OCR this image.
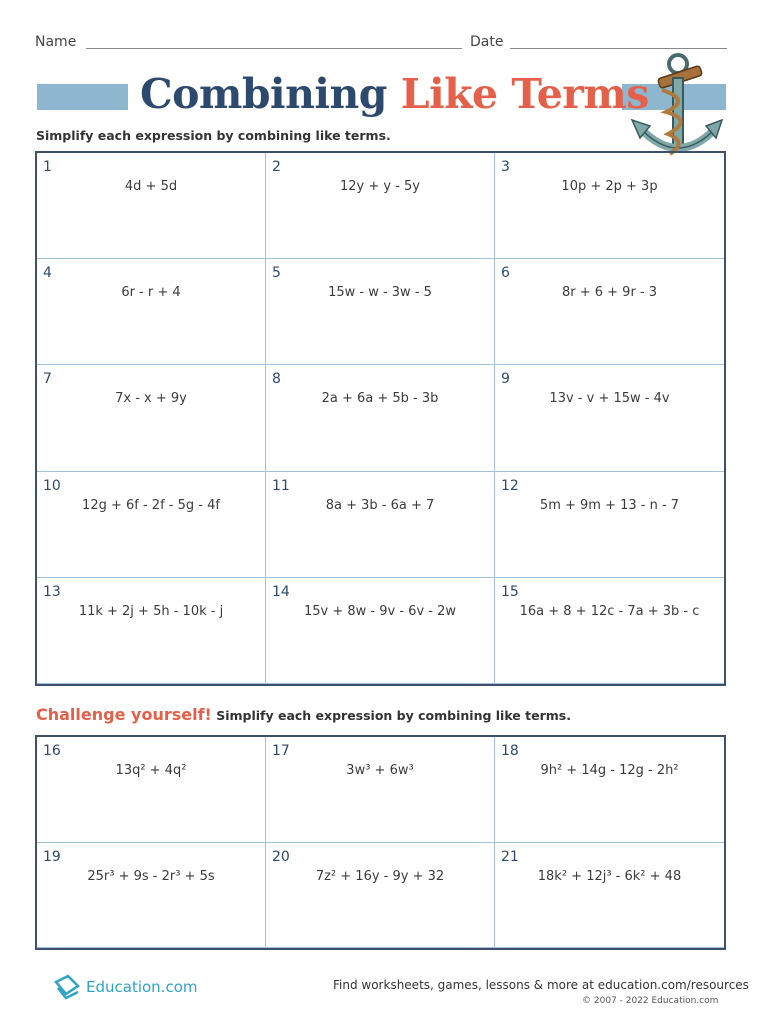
Name	Date
Combining Like Terms
Simplify each expression by combining like terms.
1
4d + 5d
2
12y + y - 5y
3
10p + 2p + 3p
4
6r - r + 4
5
15w - w - 3w - 5
6
8r + 6 + 9r - 3
7
7x - x + 9y
8
2a + 6a + 5b - 3b
9
13v - v + 15w - 4v
10
12g + 6f - 2f - 5g - 4f
11
8a + 3b - 6a + 7
12
5m + 9m + 13 - n - 7
13
11k + 2j + 5h - 10k - j
14
15v + 8w - 9v - 6v - 2w
15
16a + 8 + 12c - 7a + 3b - c
Challenge yourself! Simplify each expression by combining like terms.
16
13q² + 4q²
17
3w³ + 6w³
18
9h² + 14g - 12g - 2h²
19
25r³ + 9s - 2r³ + 5s
20
7z² + 16y - 9y + 32
21
18k² + 12j³ - 6k² + 48
Education.com	Find worksheets, games, lessons & more at education.com/resources
© 2007 - 2022 Education.com
